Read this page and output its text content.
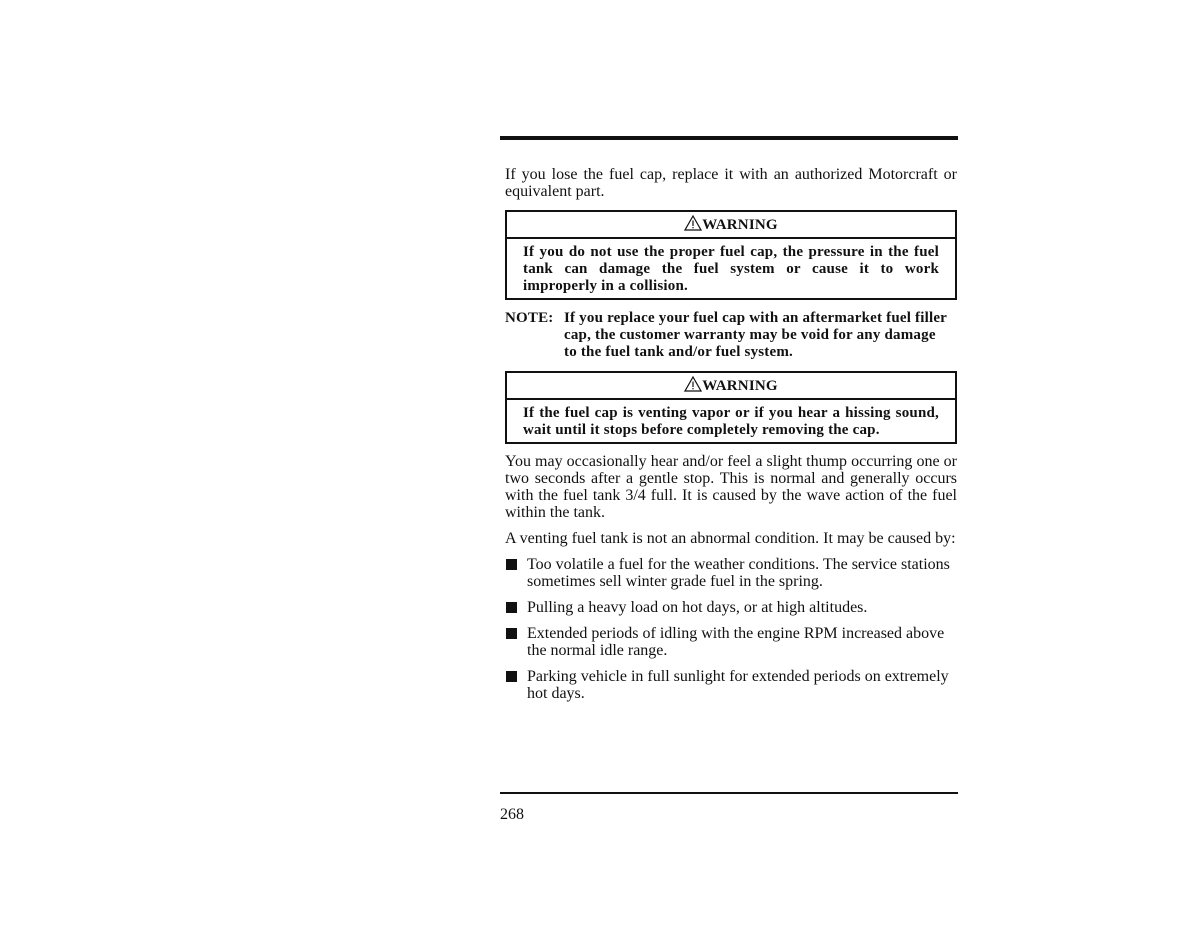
If you lose the fuel cap, replace it with an authorized Motorcraft or equivalent part.

WARNING
If you do not use the proper fuel cap, the pressure in the fuel tank can damage the fuel system or cause it to work improperly in a collision.
NOTE: If you replace your fuel cap with an aftermarket fuel filler cap, the customer warranty may be void for any damage to the fuel tank and/or fuel system.
WARNING
If the fuel cap is venting vapor or if you hear a hissing sound, wait until it stops before completely removing the cap.

You may occasionally hear and/or feel a slight thump occurring one or two seconds after a gentle stop. This is normal and generally occurs with the fuel tank 3/4 full. It is caused by the wave action of the fuel within the tank.

A venting fuel tank is not an abnormal condition. It may be caused by:

Too volatile a fuel for the weather conditions. The service stations sometimes sell winter grade fuel in the spring.
Pulling a heavy load on hot days, or at high altitudes.
Extended periods of idling with the engine RPM increased above the normal idle range.
Parking vehicle in full sunlight for extended periods on extremely hot days.
268
